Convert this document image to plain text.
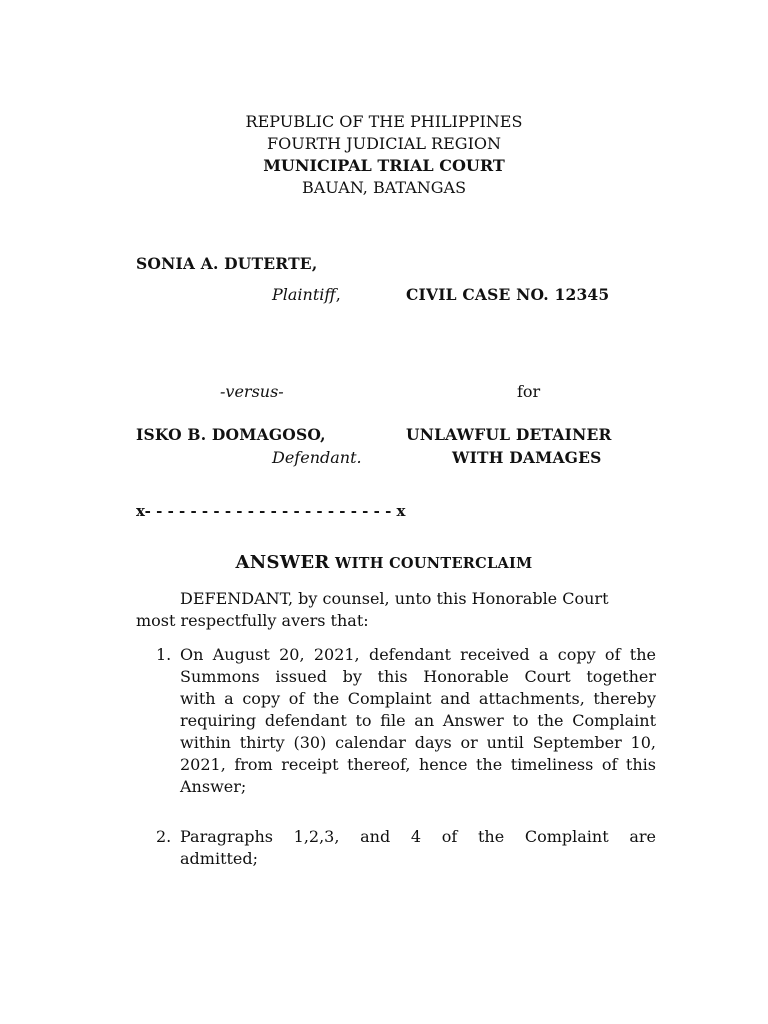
REPUBLIC OF THE PHILIPPINES
FOURTH JUDICIAL REGION
MUNICIPAL TRIAL COURT
BAUAN, BATANGAS
SONIA A. DUTERTE,
Plaintiff,	CIVIL CASE NO. 12345
-versus-	for
ISKO B. DOMAGOSO,	UNLAWFUL DETAINER
Defendant.	WITH DAMAGES
x- - - - - - - - - - - - - - - - - - - - - - x
ANSWER WITH COUNTERCLAIM

DEFENDANT, by counsel, unto this Honorable Court most respectfully avers that:

1. On August 20, 2021, defendant received a copy of the
Summons issued by this Honorable Court together
with a copy of the Complaint and attachments, thereby
requiring defendant to file an Answer to the Complaint
within thirty (30) calendar days or until September 10,
2021, from receipt thereof, hence the timeliness of this
Answer;
2. Paragraphs 1,2,3, and 4 of the Complaint are
admitted;
